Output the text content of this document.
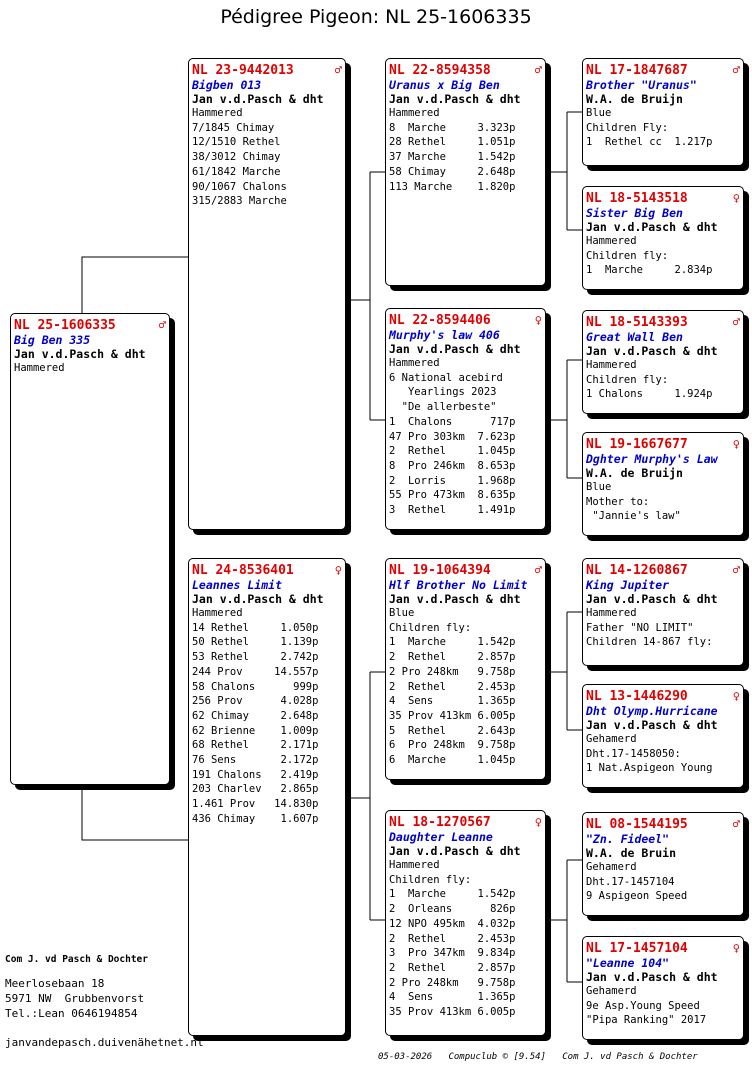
Pédigree Pigeon: NL 25-1606335
NL 25-1606335	♂
Big Ben 335
Jan v.d.Pasch & dht
Hammered
NL 23-9442013	♂
Bigben 013
Jan v.d.Pasch & dht
Hammered
7/1845 Chimay
12/1510 Rethel
38/3012 Chimay
61/1842 Marche
90/1067 Chalons
315/2883 Marche
NL 24-8536401	♀
Leannes Limit
Jan v.d.Pasch & dht
Hammered
14 Rethel     1.050p
50 Rethel     1.139p
53 Rethel     2.742p
244 Prov     14.557p
58 Chalons      999p
256 Prov      4.028p
62 Chimay     2.648p
62 Brienne    1.009p
68 Rethel     2.171p
76 Sens       2.172p
191 Chalons   2.419p
203 Charlev   2.865p
1.461 Prov   14.830p
436 Chimay    1.607p
NL 22-8594358	♂
Uranus x Big Ben
Jan v.d.Pasch & dht
Hammered
8  Marche     3.323p
28 Rethel     1.051p
37 Marche     1.542p
58 Chimay     2.648p
113 Marche    1.820p
NL 22-8594406	♀
Murphy's law 406
Jan v.d.Pasch & dht
Hammered
6 National acebird
Yearlings 2023
"De allerbeste"
1  Chalons      717p
47 Pro 303km  7.623p
2  Rethel     1.045p
8  Pro 246km  8.653p
2  Lorris     1.968p
55 Pro 473km  8.635p
3  Rethel     1.491p
NL 19-1064394	♂
Hlf Brother No Limit
Jan v.d.Pasch & dht
Blue
Children fly:
1  Marche     1.542p
2  Rethel     2.857p
2 Pro 248km   9.758p
2  Rethel     2.453p
4  Sens       1.365p
35 Prov 413km 6.005p
5  Rethel     2.643p
6  Pro 248km  9.758p
6  Marche     1.045p
NL 18-1270567	♀
Daughter Leanne
Jan v.d.Pasch & dht
Hammered
Children fly:
1  Marche     1.542p
2  Orleans      826p
12 NPO 495km  4.032p
2  Rethel     2.453p
3  Pro 347km  9.834p
2  Rethel     2.857p
2 Pro 248km   9.758p
4  Sens       1.365p
35 Prov 413km 6.005p
NL 17-1847687	♂
Brother "Uranus"
W.A. de Bruijn
Blue
Children Fly:
1  Rethel cc  1.217p
NL 18-5143518	♀
Sister Big Ben
Jan v.d.Pasch & dht
Hammered
Children fly:
1  Marche     2.834p
NL 18-5143393	♂
Great Wall Ben
Jan v.d.Pasch & dht
Hammered
Children fly:
1 Chalons     1.924p
NL 19-1667677	♀
Dghter Murphy's Law
W.A. de Bruijn
Blue
Mother to:
"Jannie's law"
NL 14-1260867	♂
King Jupiter
Jan v.d.Pasch & dht
Hammered
Father "NO LIMIT"
Children 14-867 fly:
NL 13-1446290	♀
Dht Olymp.Hurricane
Jan v.d.Pasch & dht
Gehamerd
Dht.17-1458050:
1 Nat.Aspigeon Young
NL 08-1544195	♂
"Zn. Fideel"
W.A. de Bruin
Gehamerd
Dht.17-1457104
9 Aspigeon Speed
NL 17-1457104	♀
"Leanne 104"
Jan v.d.Pasch & dht
Gehamerd
9e Asp.Young Speed
"Pipa Ranking" 2017
Com J. vd Pasch & Dochter
Meerlosebaan 18
5971 NW  Grubbenvorst
Tel.:Lean 0646194854
janvandepasch.duivenähetnet.nl
05-03-2026   Compuclub © [9.54]   Com J. vd Pasch & Dochter
